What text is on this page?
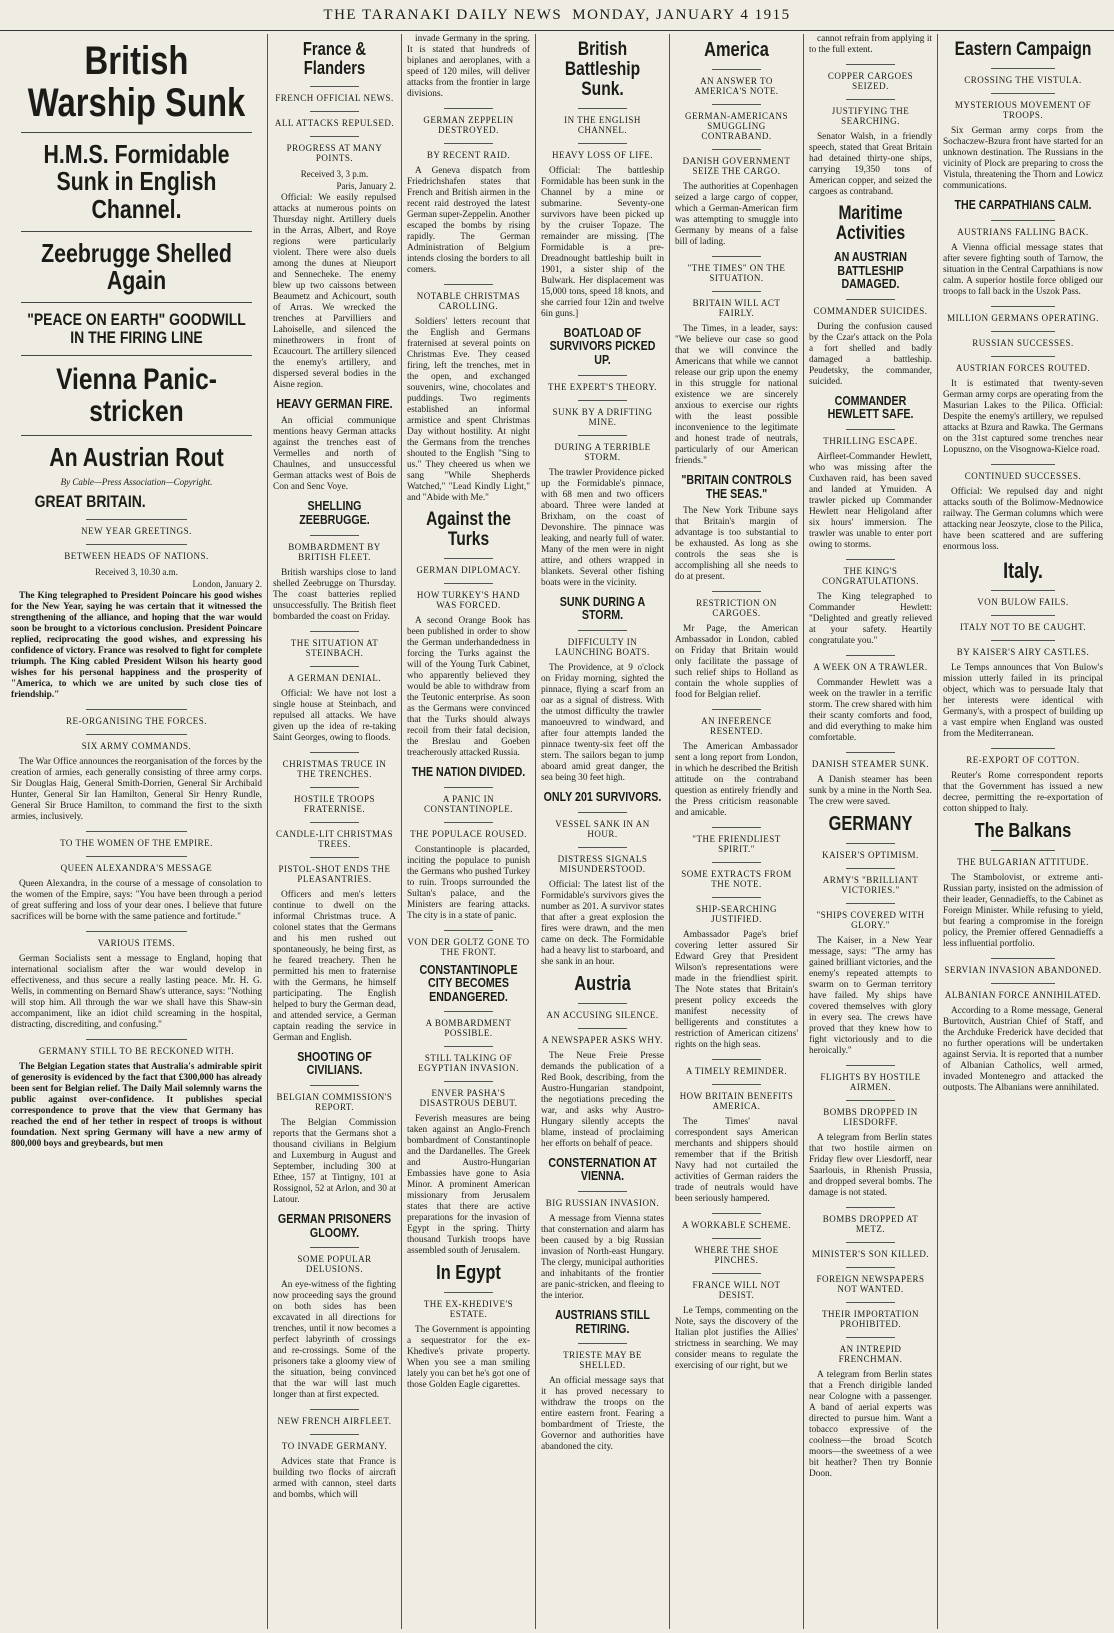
THE TARANAKI DAILY NEWS MONDAY, JANUARY 4 1915
British Warship Sunk
H.M.S. Formidable Sunk in English Channel.
Zeebrugge Shelled Again
"PEACE ON EARTH" GOODWILL IN THE FIRING LINE
Vienna Panic-stricken
An Austrian Rout
By Cable—Press Association—Copyright.
GREAT BRITAIN.
NEW YEAR GREETINGS.
BETWEEN HEADS OF NATIONS.
Received 3, 10.30 a.m.
London, January 2.

The King telegraphed to President Poincare his good wishes for the New Year, saying he was certain that it witnessed the strengthening of the alliance, and hoping that the war would soon be brought to a victorious conclusion. President Poincare replied, reciprocating the good wishes, and expressing his confidence of victory. France was resolved to fight for complete triumph. The King cabled President Wilson his hearty good wishes for his personal happiness and the prosperity of "America, to which we are united by such close ties of friendship."

RE-ORGANISING THE FORCES.
SIX ARMY COMMANDS.

The War Office announces the reorganisation of the forces by the creation of armies, each generally consisting of three army corps. Sir Douglas Haig, General Smith-Dorrien, General Sir Archibald Hunter, General Sir Ian Hamilton, General Sir Henry Rundle, General Sir Bruce Hamilton, to command the first to the sixth armies, inclusively.

TO THE WOMEN OF THE EMPIRE.
QUEEN ALEXANDRA'S MESSAGE

Queen Alexandra, in the course of a message of consolation to the women of the Empire, says: "You have been through a period of great suffering and loss of your dear ones. I believe that future sacrifices will be borne with the same patience and fortitude."

VARIOUS ITEMS.

German Socialists sent a message to England, hoping that international socialism after the war would develop in effectiveness, and thus secure a really lasting peace. Mr. H. G. Wells, in commenting on Bernard Shaw's utterance, says: "Nothing will stop him. All through the war we shall have this Shaw-sin accompaniment, like an idiot child screaming in the hospital, distracting, discrediting, and confusing."

GERMANY STILL TO BE RECKONED WITH.

The Belgian Legation states that Australia's admirable spirit of generosity is evidenced by the fact that £300,000 has already been sent for Belgian relief. The Daily Mail solemnly warns the public against over-confidence. It publishes special correspondence to prove that the view that Germany has reached the end of her tether in respect of troops is without foundation. Next spring Germany will have a new army of 800,000 boys and greybeards, but men

France & Flanders
FRENCH OFFICIAL NEWS.
ALL ATTACKS REPULSED.
PROGRESS AT MANY POINTS.
Received 3, 3 p.m.
Paris, January 2.

Official: We easily repulsed attacks at numerous points on Thursday night. Artillery duels in the Arras, Albert, and Roye regions were particularly violent. There were also duels among the dunes at Nieuport and Sennecheke. The enemy blew up two caissons between Beaumetz and Achicourt, south of Arras. We wrecked the trenches at Parvilliers and Lahoiselle, and silenced the minethrowers in front of Ecaucourt. The artillery silenced the enemy's artillery, and dispersed several bodies in the Aisne region.

HEAVY GERMAN FIRE.

An official communique mentions heavy German attacks against the trenches east of Vermelles and north of Chaulnes, and unsuccessful German attacks west of Bois de Con and Senc Voye.

SHELLING ZEEBRUGGE.
BOMBARDMENT BY BRITISH FLEET.

British warships close to land shelled Zeebrugge on Thursday. The coast batteries replied unsuccessfully. The British fleet bombarded the coast on Friday.

THE SITUATION AT STEINBACH.
A GERMAN DENIAL.

Official: We have not lost a single house at Steinbach, and repulsed all attacks. We have given up the idea of re-taking Saint Georges, owing to floods.

CHRISTMAS TRUCE IN THE TRENCHES.
HOSTILE TROOPS FRATERNISE.
CANDLE-LIT CHRISTMAS TREES.
PISTOL-SHOT ENDS THE PLEASANTRIES.

Officers and men's letters continue to dwell on the informal Christmas truce. A colonel states that the Germans and his men rushed out spontaneously, he being first, as he feared treachery. Then he permitted his men to fraternise with the Germans, he himself participating. The English helped to bury the German dead, and attended service, a German captain reading the service in German and English.

SHOOTING OF CIVILIANS.
BELGIAN COMMISSION'S REPORT.

The Belgian Commission reports that the Germans shot a thousand civilians in Belgium and Luxemburg in August and September, including 300 at Ethee, 157 at Tintigny, 101 at Rossignol, 52 at Arlon, and 30 at Latour.

GERMAN PRISONERS GLOOMY.
SOME POPULAR DELUSIONS.

An eye-witness of the fighting now proceeding says the ground on both sides has been excavated in all directions for trenches, until it now becomes a perfect labyrinth of crossings and re-crossings. Some of the prisoners take a gloomy view of the situation, being convinced that the war will last much longer than at first expected.

NEW FRENCH AIRFLEET.
TO INVADE GERMANY.

Advices state that France is building two flocks of aircraft armed with cannon, steel darts and bombs, which will

invade Germany in the spring. It is stated that hundreds of biplanes and aeroplanes, with a speed of 120 miles, will deliver attacks from the frontier in large divisions.

GERMAN ZEPPELIN DESTROYED.
BY RECENT RAID.

A Geneva dispatch from Friedrichshafen states that French and British airmen in the recent raid destroyed the latest German super-Zeppelin. Another escaped the bombs by rising rapidly. The German Administration of Belgium intends closing the borders to all comers.

NOTABLE CHRISTMAS CAROLLING.

Soldiers' letters recount that the English and Germans fraternised at several points on Christmas Eve. They ceased firing, left the trenches, met in the open, and exchanged souvenirs, wine, chocolates and puddings. Two regiments established an informal armistice and spent Christmas Day without hostility. At night the Germans from the trenches shouted to the English "Sing to us." They cheered us when we sang "While Shepherds Watched," "Lead Kindly Light," and "Abide with Me."

Against the Turks
GERMAN DIPLOMACY.
HOW TURKEY'S HAND WAS FORCED.

A second Orange Book has been published in order to show the German underhandedness in forcing the Turks against the will of the Young Turk Cabinet, who apparently believed they would be able to withdraw from the Teutonic enterprise. As soon as the Germans were convinced that the Turks should always recoil from their fatal decision, the Breslau and Goeben treacherously attacked Russia.

THE NATION DIVIDED.
A PANIC IN CONSTANTINOPLE.
THE POPULACE ROUSED.

Constantinople is placarded, inciting the populace to punish the Germans who pushed Turkey to ruin. Troops surrounded the Sultan's palace, and the Ministers are fearing attacks. The city is in a state of panic.

VON DER GOLTZ GONE TO THE FRONT.
CONSTANTINOPLE CITY BECOMES ENDANGERED.
A BOMBARDMENT POSSIBLE.
STILL TALKING OF EGYPTIAN INVASION.
ENVER PASHA'S DISASTROUS DEBUT.

Feverish measures are being taken against an Anglo-French bombardment of Constantinople and the Dardanelles. The Greek and Austro-Hungarian Embassies have gone to Asia Minor. A prominent American missionary from Jerusalem states that there are active preparations for the invasion of Egypt in the spring. Thirty thousand Turkish troops have assembled south of Jerusalem.

In Egypt
THE EX-KHEDIVE'S ESTATE.

The Government is appointing a sequestrator for the ex-Khedive's private property. When you see a man smiling lately you can bet he's got one of those Golden Eagle cigarettes.

British Battleship Sunk.
IN THE ENGLISH CHANNEL.
HEAVY LOSS OF LIFE.

Official: The battleship Formidable has been sunk in the Channel by a mine or submarine. Seventy-one survivors have been picked up by the cruiser Topaze. The remainder are missing. [The Formidable is a pre-Dreadnought battleship built in 1901, a sister ship of the Bulwark. Her displacement was 15,000 tons, speed 18 knots, and she carried four 12in and twelve 6in guns.]

BOATLOAD OF SURVIVORS PICKED UP.
THE EXPERT'S THEORY.
SUNK BY A DRIFTING MINE.
DURING A TERRIBLE STORM.

The trawler Providence picked up the Formidable's pinnace, with 68 men and two officers aboard. Three were landed at Brixham, on the coast of Devonshire. The pinnace was leaking, and nearly full of water. Many of the men were in night attire, and others wrapped in blankets. Several other fishing boats were in the vicinity.

SUNK DURING A STORM.
DIFFICULTY IN LAUNCHING BOATS.

The Providence, at 9 o'clock on Friday morning, sighted the pinnace, flying a scarf from an oar as a signal of distress. With the utmost difficulty the trawler manoeuvred to windward, and after four attempts landed the pinnace twenty-six feet off the stern. The sailors began to jump aboard amid great danger, the sea being 30 feet high.

ONLY 201 SURVIVORS.
VESSEL SANK IN AN HOUR.
DISTRESS SIGNALS MISUNDERSTOOD.

Official: The latest list of the Formidable's survivors gives the number as 201. A survivor states that after a great explosion the fires were drawn, and the men came on deck. The Formidable had a heavy list to starboard, and she sank in an hour.

Austria
AN ACCUSING SILENCE.
A NEWSPAPER ASKS WHY.

The Neue Freie Presse demands the publication of a Red Book, describing, from the Austro-Hungarian standpoint, the negotiations preceding the war, and asks why Austro-Hungary silently accepts the blame, instead of proclaiming her efforts on behalf of peace.

CONSTERNATION AT VIENNA.
BIG RUSSIAN INVASION.

A message from Vienna states that consternation and alarm has been caused by a big Russian invasion of North-east Hungary. The clergy, municipal authorities and inhabitants of the frontier are panic-stricken, and fleeing to the interior.

AUSTRIANS STILL RETIRING.
TRIESTE MAY BE SHELLED.

An official message says that it has proved necessary to withdraw the troops on the entire eastern front. Fearing a bombardment of Trieste, the Governor and authorities have abandoned the city.

America
AN ANSWER TO AMERICA'S NOTE.
GERMAN-AMERICANS SMUGGLING CONTRABAND.
DANISH GOVERNMENT SEIZE THE CARGO.

The authorities at Copenhagen seized a large cargo of copper, which a German-American firm was attempting to smuggle into Germany by means of a false bill of lading.

"THE TIMES" ON THE SITUATION.
BRITAIN WILL ACT FAIRLY.

The Times, in a leader, says: "We believe our case so good that we will convince the Americans that while we cannot release our grip upon the enemy in this struggle for national existence we are sincerely anxious to exercise our rights with the least possible inconvenience to the legitimate and honest trade of neutrals, particularly of our American friends."

"BRITAIN CONTROLS THE SEAS."

The New York Tribune says that Britain's margin of advantage is too substantial to be exhausted. As long as she controls the seas she is accomplishing all she needs to do at present.

RESTRICTION ON CARGOES.

Mr Page, the American Ambassador in London, cabled on Friday that Britain would only facilitate the passage of such relief ships to Holland as contain the whole supplies of food for Belgian relief.

AN INFERENCE RESENTED.

The American Ambassador sent a long report from London, in which he described the British attitude on the contraband question as entirely friendly and the Press criticism reasonable and amicable.

"THE FRIENDLIEST SPIRIT."
SOME EXTRACTS FROM THE NOTE.
SHIP-SEARCHING JUSTIFIED.

Ambassador Page's brief covering letter assured Sir Edward Grey that President Wilson's representations were made in the friendliest spirit. The Note states that Britain's present policy exceeds the manifest necessity of belligerents and constitutes a restriction of American citizens' rights on the high seas.

A TIMELY REMINDER.
HOW BRITAIN BENEFITS AMERICA.

The Times' naval correspondent says American merchants and shippers should remember that if the British Navy had not curtailed the activities of German raiders the trade of neutrals would have been seriously hampered.

A WORKABLE SCHEME.
WHERE THE SHOE PINCHES.
FRANCE WILL NOT DESIST.

Le Temps, commenting on the Note, says the discovery of the Italian plot justifies the Allies' strictness in searching. We may consider means to regulate the exercising of our right, but we

cannot refrain from applying it to the full extent.

COPPER CARGOES SEIZED.
JUSTIFYING THE SEARCHING.

Senator Walsh, in a friendly speech, stated that Great Britain had detained thirty-one ships, carrying 19,350 tons of American copper, and seized the cargoes as contraband.

Maritime Activities
AN AUSTRIAN BATTLESHIP DAMAGED.
COMMANDER SUICIDES.

During the confusion caused by the Czar's attack on the Pola a fort shelled and badly damaged a battleship. Peudetsky, the commander, suicided.

COMMANDER HEWLETT SAFE.
THRILLING ESCAPE.

Airfleet-Commander Hewlett, who was missing after the Cuxhaven raid, has been saved and landed at Ymuiden. A trawler picked up Commander Hewlett near Heligoland after six hours' immersion. The trawler was unable to enter port owing to storms.

THE KING'S CONGRATULATIONS.

The King telegraphed to Commander Hewlett: "Delighted and greatly relieved at your safety. Heartily congratulate you."

A WEEK ON A TRAWLER.

Commander Hewlett was a week on the trawler in a terrific storm. The crew shared with him their scanty comforts and food, and did everything to make him comfortable.

DANISH STEAMER SUNK.

A Danish steamer has been sunk by a mine in the North Sea. The crew were saved.

GERMANY
KAISER'S OPTIMISM.
ARMY'S "BRILLIANT VICTORIES."
"SHIPS COVERED WITH GLORY."

The Kaiser, in a New Year message, says: "The army has gained brilliant victories, and the enemy's repeated attempts to swarm on to German territory have failed. My ships have covered themselves with glory in every sea. The crews have proved that they knew how to fight victoriously and to die heroically."

FLIGHTS BY HOSTILE AIRMEN.
BOMBS DROPPED IN LIESDORFF.

A telegram from Berlin states that two hostile airmen on Friday flew over Liesdorff, near Saarlouis, in Rhenish Prussia, and dropped several bombs. The damage is not stated.

BOMBS DROPPED AT METZ.
MINISTER'S SON KILLED.
FOREIGN NEWSPAPERS NOT WANTED.
THEIR IMPORTATION PROHIBITED.
AN INTREPID FRENCHMAN.

A telegram from Berlin states that a French dirigible landed near Cologne with a passenger. A band of aerial experts was directed to pursue him. Want a tobacco expressive of the coolness—the broad Scotch moors—the sweetness of a wee bit heather? Then try Bonnie Doon.

Eastern Campaign
CROSSING THE VISTULA.
MYSTERIOUS MOVEMENT OF TROOPS.

Six German army corps from the Sochaczew-Bzura front have started for an unknown destination. The Russians in the vicinity of Plock are preparing to cross the Vistula, threatening the Thorn and Lowicz communications.

THE CARPATHIANS CALM.
AUSTRIANS FALLING BACK.

A Vienna official message states that after severe fighting south of Tarnow, the situation in the Central Carpathians is now calm. A superior hostile force obliged our troops to fall back in the Uszok Pass.

MILLION GERMANS OPERATING.
RUSSIAN SUCCESSES.
AUSTRIAN FORCES ROUTED.

It is estimated that twenty-seven German army corps are operating from the Masurian Lakes to the Pilica. Official: Despite the enemy's artillery, we repulsed attacks at Bzura and Rawka. The Germans on the 31st captured some trenches near Lopuszno, on the Visognowa-Kielce road.

CONTINUED SUCCESSES.

Official: We repulsed day and night attacks south of the Bolimow-Mednowice railway. The German columns which were attacking near Jeoszyte, close to the Pilica, have been scattered and are suffering enormous loss.

Italy.
VON BULOW FAILS.
ITALY NOT TO BE CAUGHT.
BY KAISER'S AIRY CASTLES.

Le Temps announces that Von Bulow's mission utterly failed in its principal object, which was to persuade Italy that her interests were identical with Germany's, with a prospect of building up a vast empire when England was ousted from the Mediterranean.

RE-EXPORT OF COTTON.

Reuter's Rome correspondent reports that the Government has issued a new decree, permitting the re-exportation of cotton shipped to Italy.

The Balkans
THE BULGARIAN ATTITUDE.

The Stambolovist, or extreme anti-Russian party, insisted on the admission of their leader, Gennadieffs, to the Cabinet as Foreign Minister. While refusing to yield, but fearing a compromise in the foreign policy, the Premier offered Gennadieffs a less influential portfolio.

SERVIAN INVASION ABANDONED.
ALBANIAN FORCE ANNIHILATED.

According to a Rome message, General Burtovitch, Austrian Chief of Staff, and the Archduke Frederick have decided that no further operations will be undertaken against Servia. It is reported that a number of Albanian Catholics, well armed, invaded Montenegro and attacked the outposts. The Albanians were annihilated.
